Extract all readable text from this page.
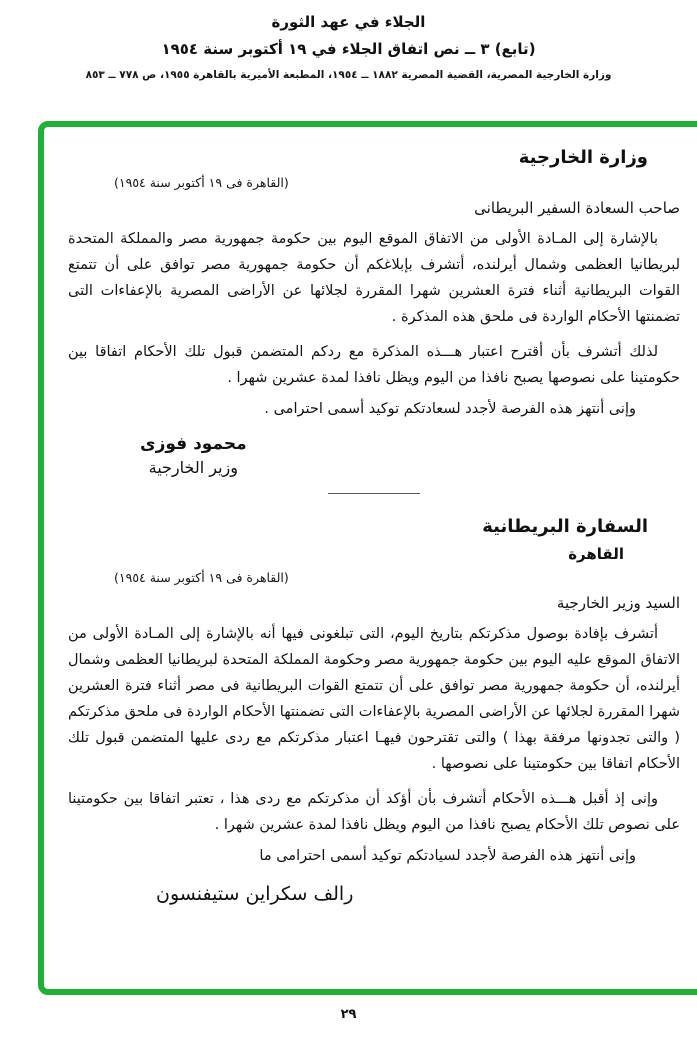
الجلاء في عهد الثورة
(تابع) ٣ ــ نص اتفاق الجلاء في ١٩ أكتوبر سنة ١٩٥٤
وزارة الخارجية المصرية، القضية المصرية ١٨٨٢ ــ ١٩٥٤، المطبعة الأميرية بالقاهرة ١٩٥٥، ص ٧٧٨ ــ ٨٥٣
وزارة الخارجية
(القاهرة فى ١٩ أكتوبر سنة ١٩٥٤)
صاحب السعادة السفير البريطانى

بالإشارة إلى المـادة الأولى من الاتفاق الموقع اليوم بين حكومة جمهورية مصر والمملكة المتحدة لبريطانيا العظمى وشمال أيرلنده، أتشرف بإبلاغكم أن حكومة جمهورية مصر توافق على أن تتمتع القوات البريطانية أثناء فترة العشرين شهرا المقررة لجلائها عن الأراضى المصرية بالإعفاءات التى تضمنتها الأحكام الواردة فى ملحق هذه المذكرة .

لذلك أتشرف بأن أقترح اعتبار هـــذه المذكرة مع ردكم المتضمن قبول تلك الأحكام اتفاقا بين حكومتينا على نصوصها يصبح نافذا من اليوم ويظل نافذا لمدة عشرين شهرا .

وإنى أنتهز هذه الفرصة لأجدد لسعادتكم توكيد أسمى احترامى .
محمود فوزى
وزير الخارجية
السفارة البريطانية
القاهرة
(القاهرة فى ١٩ أكتوبر سنة ١٩٥٤)
السيد وزير الخارجية

أتشرف بإفادة بوصول مذكرتكم بتاريخ اليوم، التى تبلغونى فيها أنه بالإشارة إلى المـادة الأولى من الاتفاق الموقع عليه اليوم بين حكومة جمهورية مصر وحكومة المملكة المتحدة لبريطانيا العظمى وشمال أيرلنده، أن حكومة جمهورية مصر توافق على أن تتمتع القوات البريطانية فى مصر أثناء فترة العشرين شهرا المقررة لجلائها عن الأراضى المصرية بالإعفاءات التى تضمنتها الأحكام الواردة فى ملحق مذكرتكم ( والتى تجدونها مرفقة بهذا ) والتى تقترحون فيهـا اعتبار مذكرتكم مع ردى عليها المتضمن قبول تلك الأحكام اتفاقا بين حكومتينا على نصوصها .

وإنى إذ أقبل هـــذه الأحكام أتشرف بأن أؤكد أن مذكرتكم مع ردى هذا ، تعتبر اتفاقا بين حكومتينا على نصوص تلك الأحكام يصبح نافذا من اليوم ويظل نافذا لمدة عشرين شهرا .

وإنى أنتهز هذه الفرصة لأجدد لسيادتكم توكيد أسمى احترامى ما
رالف سكراين ستيفنسون
٢٩
